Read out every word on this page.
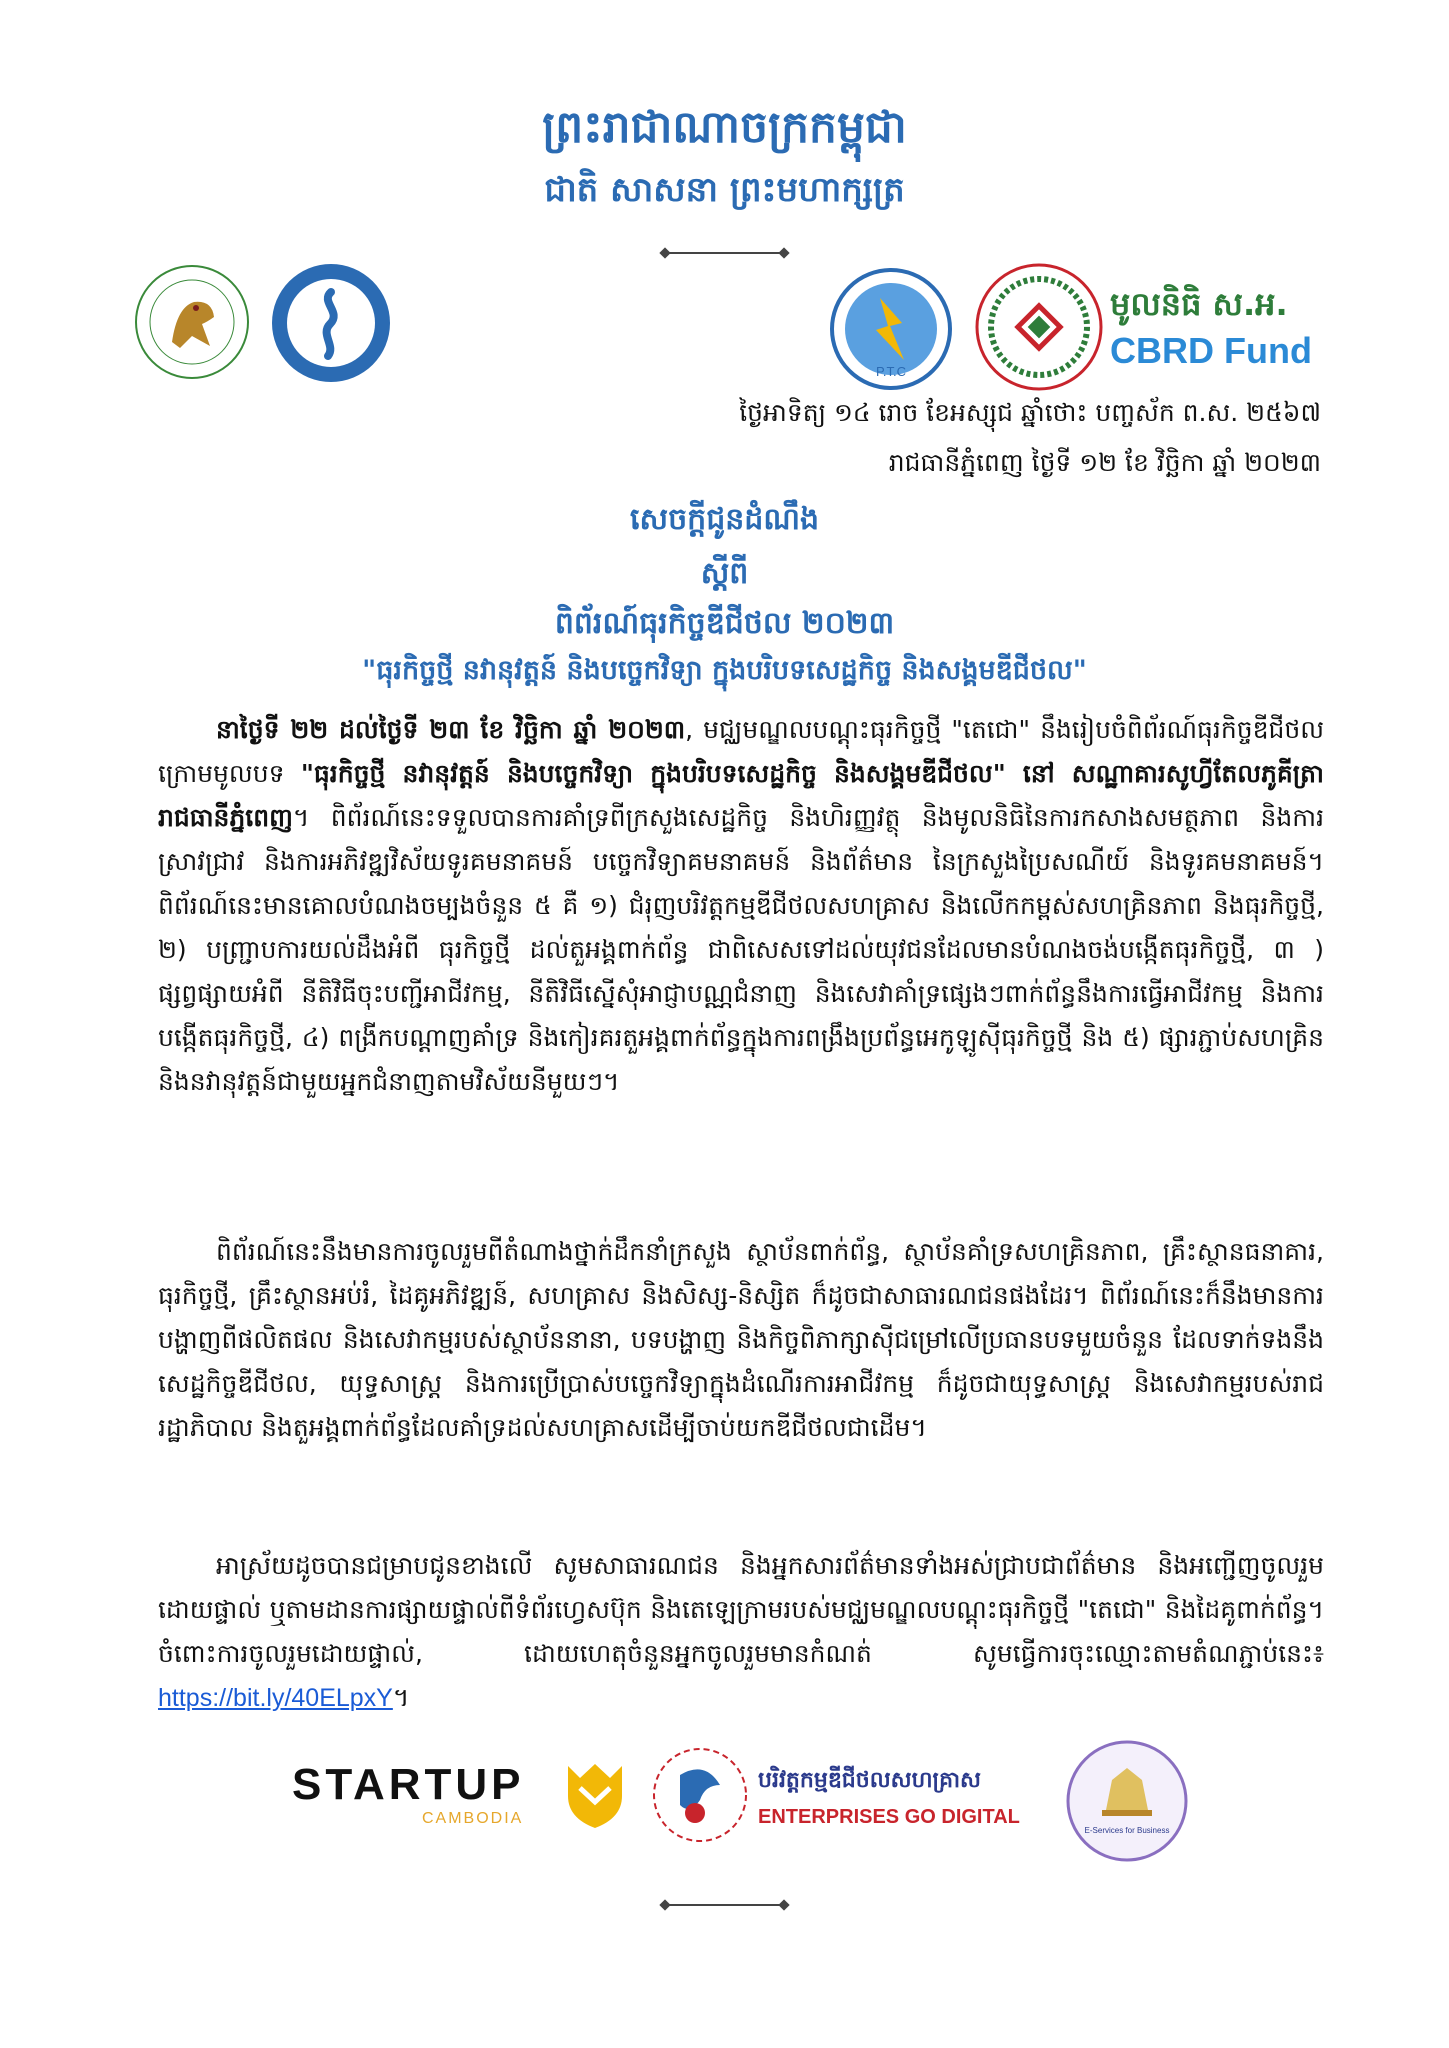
ព្រះរាជាណាចក្រកម្ពុជា
ជាតិ សាសនា ព្រះមហាក្សត្រ
P.T.C
មូលនិធិ ស.អ.
CBRD Fund
ថ្ងៃអាទិត្យ ១៤ រោច ខែអស្សុជ ឆ្នាំថោះ បញ្ចស័ក ព.ស. ២៥៦៧
រាជធានីភ្នំពេញ ថ្ងៃទី ១២ ខែ វិច្ឆិកា ឆ្នាំ ២០២៣
សេចក្តីជូនដំណឹង
ស្តីពី
ពិព័រណ៍ធុរកិច្ចឌីជីថល ២០២៣
"ធុរកិច្ចថ្មី នវានុវត្តន៍ និងបច្ចេកវិទ្យា ក្នុងបរិបទសេដ្ឋកិច្ច និងសង្គមឌីជីថល"
នាថ្ងៃទី ២២ ដល់ថ្ងៃទី ២៣ ខែ វិច្ឆិកា ឆ្នាំ ២០២៣, មជ្ឈមណ្ឌលបណ្តុះធុរកិច្ចថ្មី "តេជោ" នឹងរៀបចំពិព័រណ៍ធុរកិច្ចឌីជីថលក្រោមមូលបទ "ធុរកិច្ចថ្មី នវានុវត្តន៍ និងបច្ចេកវិទ្យា ក្នុងបរិបទសេដ្ឋកិច្ច និងសង្គមឌីជីថល" នៅ សណ្ឋាគារសូហ្វីតែលភូគីត្រា រាជធានីភ្នំពេញ។ ពិព័រណ៍នេះទទួលបានការគាំទ្រពីក្រសួងសេដ្ឋកិច្ច និងហិរញ្ញវត្ថុ និងមូលនិធិនៃការកសាងសមត្ថភាព និងការស្រាវជ្រាវ និងការអភិវឌ្ឍវិស័យទូរគមនាគមន៍ បច្ចេកវិទ្យាគមនាគមន៍ និងព័ត៌មាន នៃក្រសួងប្រៃសណីយ៍ និងទូរគមនាគមន៍។ ពិព័រណ៍នេះមានគោលបំណងចម្បងចំនួន ៥ គឺ ១) ជំរុញបរិវត្តកម្មឌីជីថលសហគ្រាស និងលើកកម្ពស់សហគ្រិនភាព និងធុរកិច្ចថ្មី, ២) បញ្ជ្រាបការយល់ដឹងអំពី ធុរកិច្ចថ្មី ដល់តួអង្គពាក់ព័ន្ធ ជាពិសេសទៅដល់យុវជនដែលមានបំណងចង់បង្កើតធុរកិច្ចថ្មី, ៣ ) ផ្សព្វផ្សាយអំពី នីតិវិធីចុះបញ្ជីអាជីវកម្ម, នីតិវិធីស្នើសុំអាជ្ញាបណ្ណជំនាញ និងសេវាគាំទ្រផ្សេងៗពាក់ព័ន្ធនឹងការធ្វើអាជីវកម្ម និងការបង្កើតធុរកិច្ចថ្មី, ៤) ពង្រីកបណ្តាញគាំទ្រ និងកៀរគរតួអង្គពាក់ព័ន្ធក្នុងការពង្រឹងប្រព័ន្ធអេកូឡូស៊ីធុរកិច្ចថ្មី និង ៥) ផ្សារភ្ជាប់សហគ្រិន និងនវានុវត្តន៍ជាមួយអ្នកជំនាញតាមវិស័យនីមួយៗ។
ពិព័រណ៍នេះនឹងមានការចូលរួមពីតំណាងថ្នាក់ដឹកនាំក្រសួង ស្ថាប័នពាក់ព័ន្ធ, ស្ថាប័នគាំទ្រសហគ្រិនភាព, គ្រឹះស្ថានធនាគារ, ធុរកិច្ចថ្មី, គ្រឹះស្ថានអប់រំ, ដៃគូអភិវឌ្ឍន៍, សហគ្រាស និងសិស្ស-និស្សិត ក៏ដូចជាសាធារណជនផងដែរ។ ពិព័រណ៍នេះក៏នឹងមានការបង្ហាញពីផលិតផល និងសេវាកម្មរបស់ស្ថាប័ននានា, បទបង្ហាញ និងកិច្ចពិភាក្សាស៊ីជម្រៅលើប្រធានបទមួយចំនួន ដែលទាក់ទងនឹងសេដ្ឋកិច្ចឌីជីថល, យុទ្ធសាស្ត្រ និងការប្រើប្រាស់បច្ចេកវិទ្យាក្នុងដំណើរការអាជីវកម្ម ក៏ដូចជាយុទ្ធសាស្ត្រ និងសេវាកម្មរបស់រាជរដ្ឋាភិបាល និងតួអង្គពាក់ព័ន្ធដែលគាំទ្រដល់សហគ្រាសដើម្បីចាប់យកឌីជីថលជាដើម។
អាស្រ័យដូចបានជម្រាបជូនខាងលើ សូមសាធារណជន និងអ្នកសារព័ត៌មានទាំងអស់ជ្រាបជាព័ត៌មាន និងអញ្ជើញចូលរួមដោយផ្ទាល់ ឬតាមដានការផ្សាយផ្ទាល់ពីទំព័រហ្វេសប៊ុក និងតេឡេក្រាមរបស់មជ្ឈមណ្ឌលបណ្តុះធុរកិច្ចថ្មី "តេជោ" និងដៃគូពាក់ព័ន្ធ។ ចំពោះការចូលរួមដោយផ្ទាល់, ដោយហេតុចំនួនអ្នកចូលរួមមានកំណត់ សូមធ្វើការចុះឈ្មោះតាមតំណភ្ជាប់នេះ៖ https://bit.ly/40ELpxY។
STARTUP
CAMBODIA
បរិវត្តកម្មឌីជីថលសហគ្រាស
ENTERPRISES GO DIGITAL
E-Services for Business
